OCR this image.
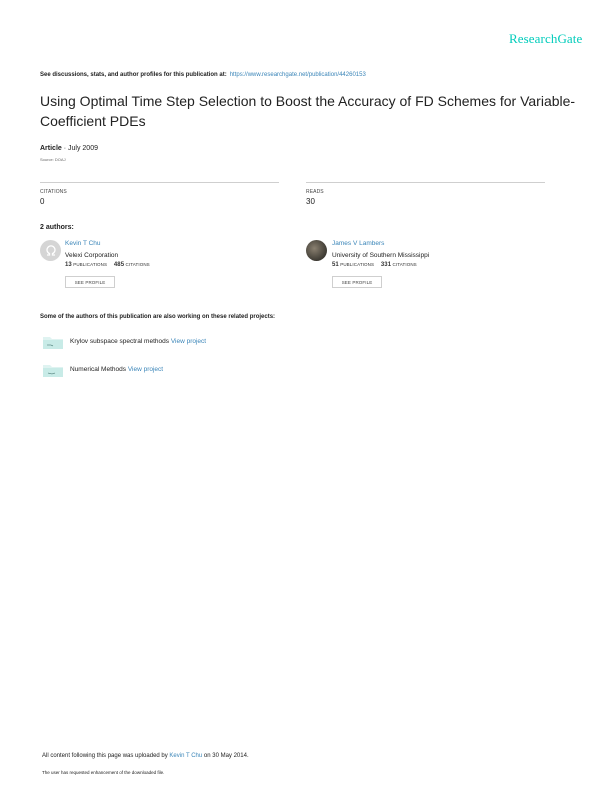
ResearchGate
See discussions, stats, and author profiles for this publication at: https://www.researchgate.net/publication/44260153
Using Optimal Time Step Selection to Boost the Accuracy of FD Schemes for Variable-Coefficient PDEs
Article · July 2009
Source: DOAJ
CITATIONS
0
READS
30
2 authors:
Kevin T Chu
Velexi Corporation
13 PUBLICATIONS 485 CITATIONS
SEE PROFILE
James V Lambers
University of Southern Mississippi
51 PUBLICATIONS 331 CITATIONS
SEE PROFILE
Some of the authors of this publication are also working on these related projects:
Krylov subspace spectral methods View project
Numerical Methods View project
All content following this page was uploaded by Kevin T Chu on 30 May 2014.
The user has requested enhancement of the downloaded file.
